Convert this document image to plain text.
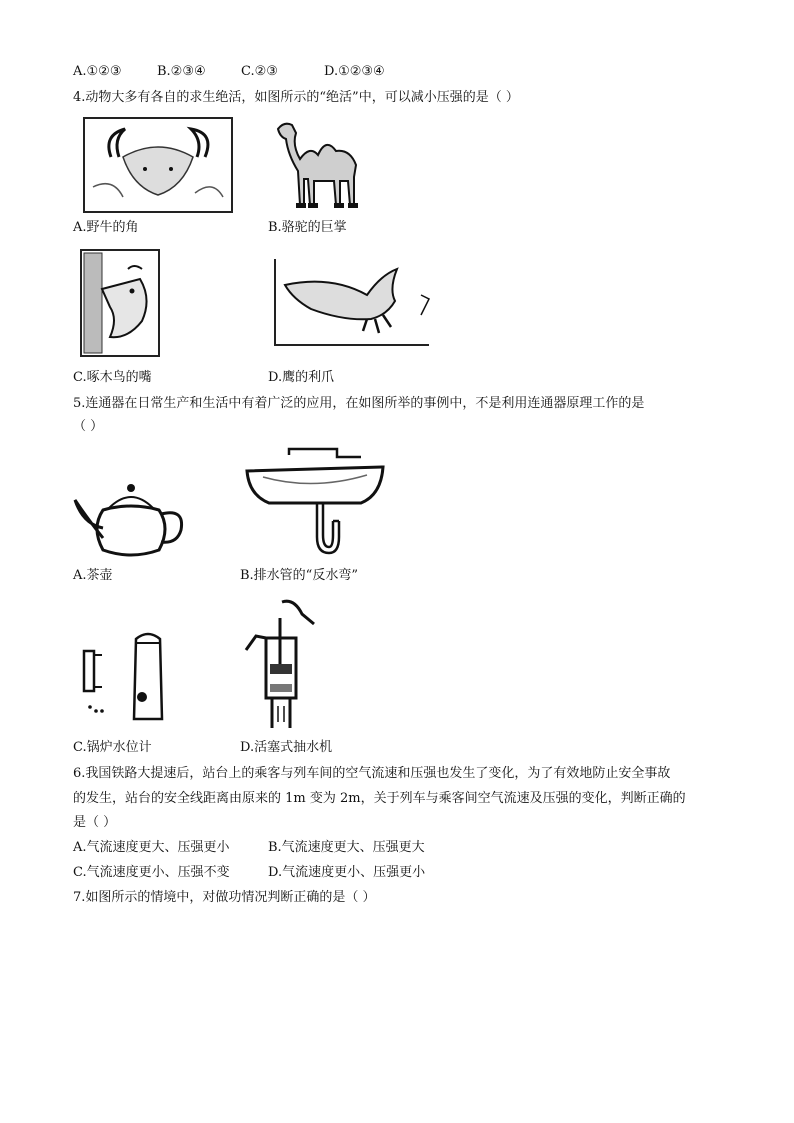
A.①②③	B.②③④	C.②③	D.①②③④
4.动物大多有各自的求生绝活，如图所示的“绝活”中，可以减小压强的是（ ）
A.野牛的角	B.骆驼的巨掌
C.啄木鸟的嘴	D.鹰的利爪
5.连通器在日常生产和生活中有着广泛的应用，在如图所举的事例中，不是利用连通器原理工作的是
（ ）
A.茶壶	B.排水管的“反水弯”
C.锅炉水位计	D.活塞式抽水机
6.我国铁路大提速后，站台上的乘客与列车间的空气流速和压强也发生了变化，为了有效地防止安全事故
的发生，站台的安全线距离由原来的 1m 变为 2m，关于列车与乘客间空气流速及压强的变化，判断正确的
是（ ）
A.气流速度更大、压强更小	B.气流速度更大、压强更大
C.气流速度更小、压强不变	D.气流速度更小、压强更小
7.如图所示的情境中，对做功情况判断正确的是（ ）
